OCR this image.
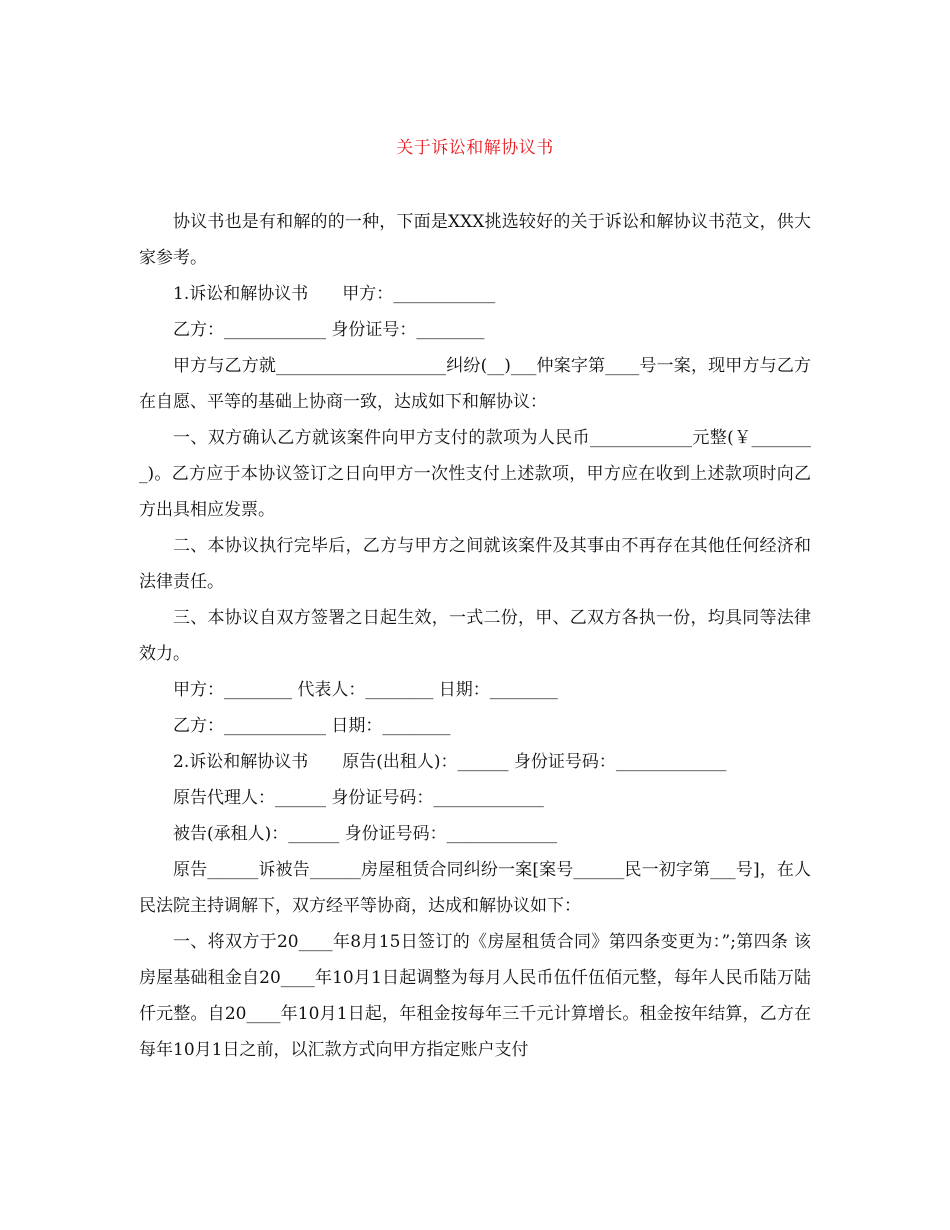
关于诉讼和解协议书

协议书也是有和解的的一种，下面是XXX挑选较好的关于诉讼和解协议书范文，供大家参考。

1.诉讼和解协议书　　甲方：____________

乙方：____________ 身份证号：________

甲方与乙方就____________________纠纷(__)___仲案字第____号一案，现甲方与乙方在自愿、平等的基础上协商一致，达成如下和解协议：

一、双方确认乙方就该案件向甲方支付的款项为人民币____________元整(￥________)。乙方应于本协议签订之日向甲方一次性支付上述款项，甲方应在收到上述款项时向乙方出具相应发票。

二、本协议执行完毕后，乙方与甲方之间就该案件及其事由不再存在其他任何经济和法律责任。

三、本协议自双方签署之日起生效，一式二份，甲、乙双方各执一份，均具同等法律效力。

甲方：________ 代表人：________ 日期：________

乙方：____________ 日期：________

2.诉讼和解协议书　　原告(出租人)：______ 身份证号码：_____________

原告代理人：______ 身份证号码：_____________

被告(承租人)：______ 身份证号码：_____________

原告______诉被告______房屋租赁合同纠纷一案[案号______民一初字第___号]，在人民法院主持调解下，双方经平等协商，达成和解协议如下：

一、将双方于20____年8月15日签订的《房屋租赁合同》第四条变更为：”;第四条 该房屋基础租金自20____年10月1日起调整为每月人民币伍仟伍佰元整，每年人民币陆万陆仟元整。自20____年10月1日起，年租金按每年三千元计算增长。租金按年结算，乙方在每年10月1日之前，以汇款方式向甲方指定账户支付
